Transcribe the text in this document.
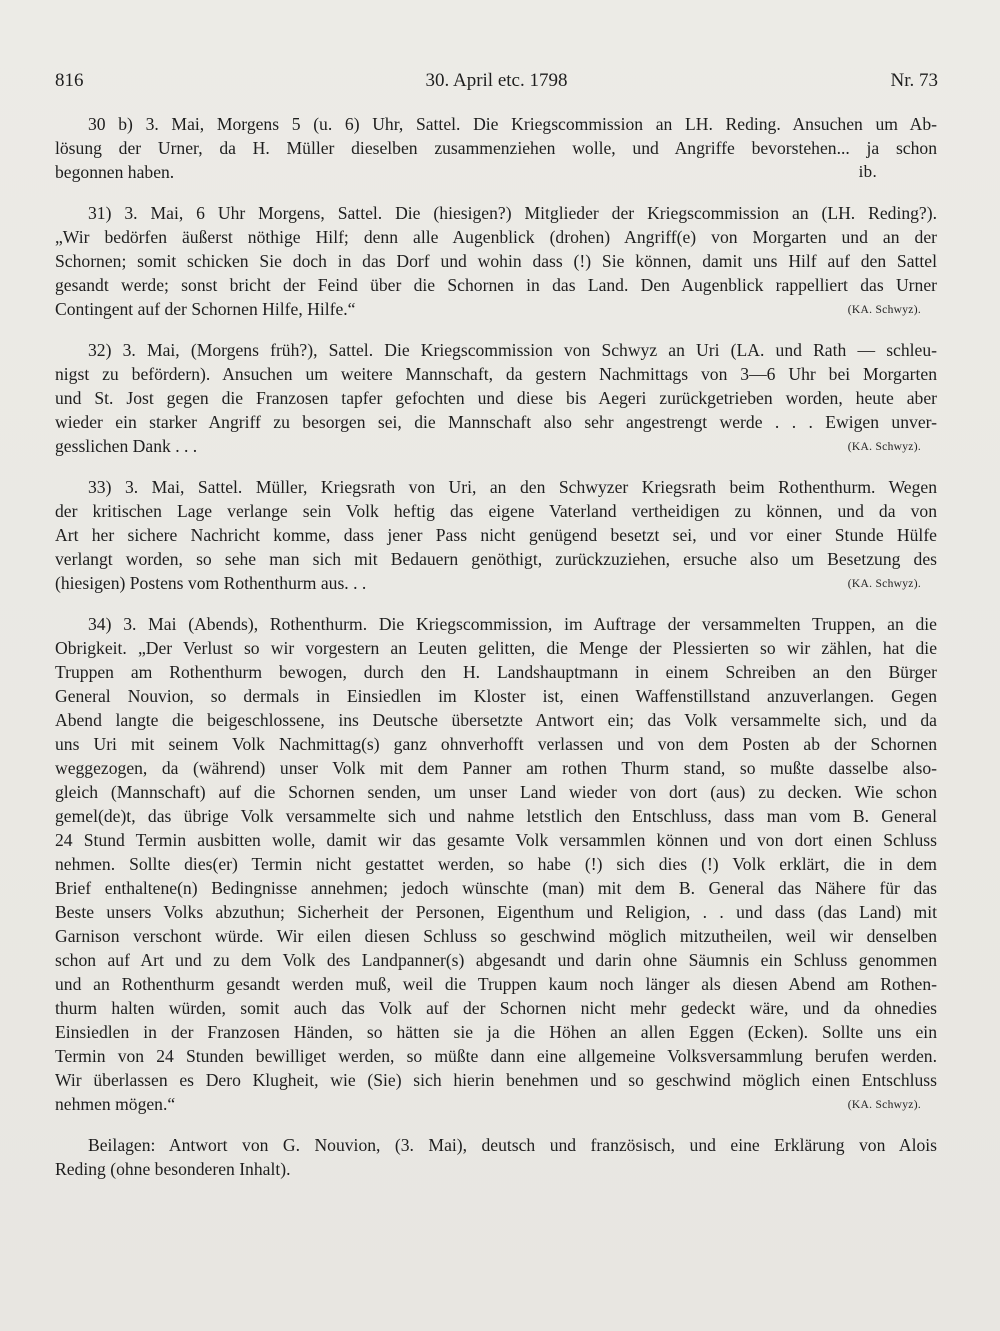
816	30. April etc. 1798	Nr. 73
30 b) 3. Mai, Morgens 5 (u. 6) Uhr, Sattel. Die Kriegscommission an LH. Reding. Ansuchen um Ab-
lösung der Urner, da H. Müller dieselben zusammenziehen wolle, und Angriffe bevorstehen... ja schon
begonnen haben.	ib.
31) 3. Mai, 6 Uhr Morgens, Sattel. Die (hiesigen?) Mitglieder der Kriegscommission an (LH. Reding?).
„Wir bedörfen äußerst nöthige Hilf; denn alle Augenblick (drohen) Angriff(e) von Morgarten und an der
Schornen; somit schicken Sie doch in das Dorf und wohin dass (!) Sie können, damit uns Hilf auf den Sattel
gesandt werde; sonst bricht der Feind über die Schornen in das Land. Den Augenblick rappelliert das Urner
Contingent auf der Schornen Hilfe, Hilfe.“	(KA. Schwyz).
32) 3. Mai, (Morgens früh?), Sattel. Die Kriegscommission von Schwyz an Uri (LA. und Rath — schleu-
nigst zu befördern). Ansuchen um weitere Mannschaft, da gestern Nachmittags von 3—6 Uhr bei Morgarten
und St. Jost gegen die Franzosen tapfer gefochten und diese bis Aegeri zurückgetrieben worden, heute aber
wieder ein starker Angriff zu besorgen sei, die Mannschaft also sehr angestrengt werde . . . Ewigen unver-
gesslichen Dank . . .	(KA. Schwyz).
33) 3. Mai, Sattel. Müller, Kriegsrath von Uri, an den Schwyzer Kriegsrath beim Rothenthurm. Wegen
der kritischen Lage verlange sein Volk heftig das eigene Vaterland vertheidigen zu können, und da von
Art her sichere Nachricht komme, dass jener Pass nicht genügend besetzt sei, und vor einer Stunde Hülfe
verlangt worden, so sehe man sich mit Bedauern genöthigt, zurückzuziehen, ersuche also um Besetzung des
(hiesigen) Postens vom Rothenthurm aus. . .	(KA. Schwyz).
34) 3. Mai (Abends), Rothenthurm. Die Kriegscommission, im Auftrage der versammelten Truppen, an die
Obrigkeit. „Der Verlust so wir vorgestern an Leuten gelitten, die Menge der Plessierten so wir zählen, hat die
Truppen am Rothenthurm bewogen, durch den H. Landshauptmann in einem Schreiben an den Bürger
General Nouvion, so dermals in Einsiedlen im Kloster ist, einen Waffenstillstand anzuverlangen. Gegen
Abend langte die beigeschlossene, ins Deutsche übersetzte Antwort ein; das Volk versammelte sich, und da
uns Uri mit seinem Volk Nachmittag(s) ganz ohnverhofft verlassen und von dem Posten ab der Schornen
weggezogen, da (während) unser Volk mit dem Panner am rothen Thurm stand, so mußte dasselbe also-
gleich (Mannschaft) auf die Schornen senden, um unser Land wieder von dort (aus) zu decken. Wie schon
gemel(de)t, das übrige Volk versammelte sich und nahme letstlich den Entschluss, dass man vom B. General
24 Stund Termin ausbitten wolle, damit wir das gesamte Volk versammlen können und von dort einen Schluss
nehmen. Sollte dies(er) Termin nicht gestattet werden, so habe (!) sich dies (!) Volk erklärt, die in dem
Brief enthaltene(n) Bedingnisse annehmen; jedoch wünschte (man) mit dem B. General das Nähere für das
Beste unsers Volks abzuthun; Sicherheit der Personen, Eigenthum und Religion, . . und dass (das Land) mit
Garnison verschont würde. Wir eilen diesen Schluss so geschwind möglich mitzutheilen, weil wir denselben
schon auf Art und zu dem Volk des Landpanner(s) abgesandt und darin ohne Säumnis ein Schluss genommen
und an Rothenthurm gesandt werden muß, weil die Truppen kaum noch länger als diesen Abend am Rothen-
thurm halten würden, somit auch das Volk auf der Schornen nicht mehr gedeckt wäre, und da ohnedies
Einsiedlen in der Franzosen Händen, so hätten sie ja die Höhen an allen Eggen (Ecken). Sollte uns ein
Termin von 24 Stunden bewilliget werden, so müßte dann eine allgemeine Volksversammlung berufen werden.
Wir überlassen es Dero Klugheit, wie (Sie) sich hierin benehmen und so geschwind möglich einen Entschluss
nehmen mögen.“	(KA. Schwyz).
Beilagen: Antwort von G. Nouvion, (3. Mai), deutsch und französisch, und eine Erklärung von Alois
Reding (ohne besonderen Inhalt).
